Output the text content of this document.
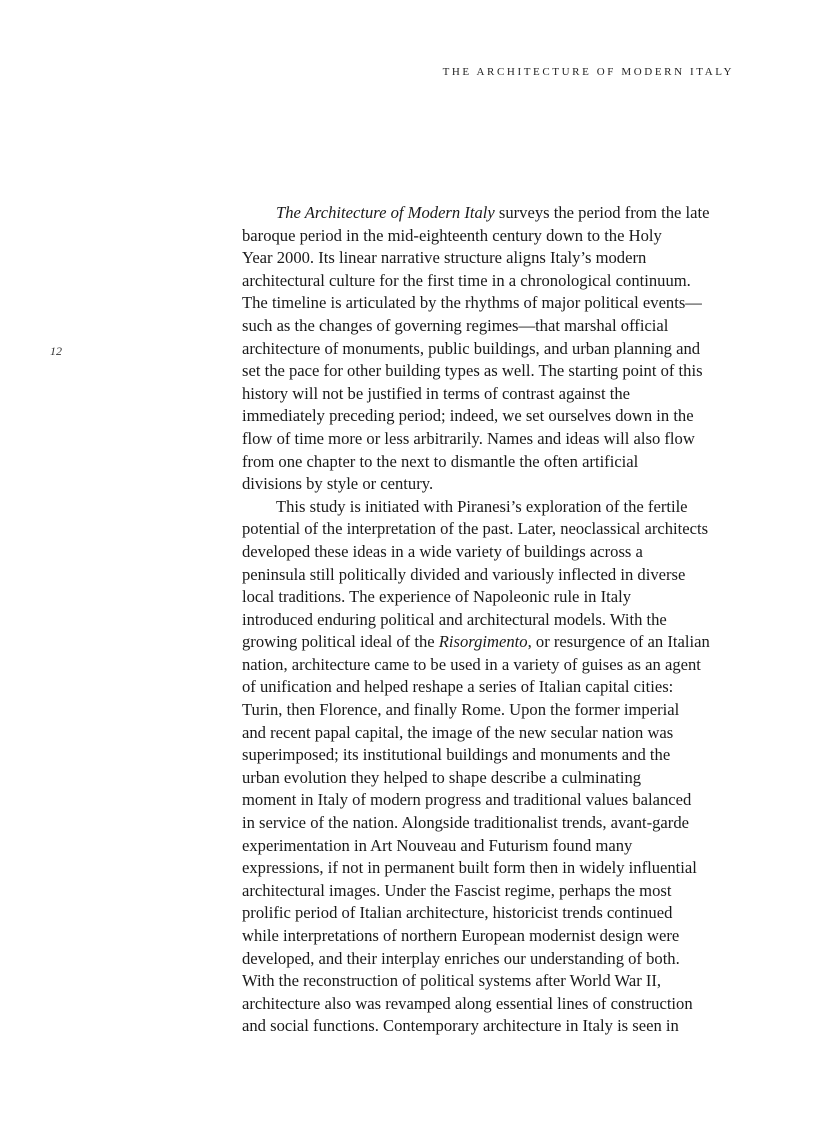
THE ARCHITECTURE OF MODERN ITALY
12
The Architecture of Modern Italy surveys the period from the late
baroque period in the mid-eighteenth century down to the Holy
Year 2000. Its linear narrative structure aligns Italy’s modern
architectural culture for the first time in a chronological continuum.
The timeline is articulated by the rhythms of major political events—
such as the changes of governing regimes—that marshal official
architecture of monuments, public buildings, and urban planning and
set the pace for other building types as well. The starting point of this
history will not be justified in terms of contrast against the
immediately preceding period; indeed, we set ourselves down in the
flow of time more or less arbitrarily. Names and ideas will also flow
from one chapter to the next to dismantle the often artificial
divisions by style or century.
This study is initiated with Piranesi’s exploration of the fertile
potential of the interpretation of the past. Later, neoclassical architects
developed these ideas in a wide variety of buildings across a
peninsula still politically divided and variously inflected in diverse
local traditions. The experience of Napoleonic rule in Italy
introduced enduring political and architectural models. With the
growing political ideal of the Risorgimento, or resurgence of an Italian
nation, architecture came to be used in a variety of guises as an agent
of unification and helped reshape a series of Italian capital cities:
Turin, then Florence, and finally Rome. Upon the former imperial
and recent papal capital, the image of the new secular nation was
superimposed; its institutional buildings and monuments and the
urban evolution they helped to shape describe a culminating
moment in Italy of modern progress and traditional values balanced
in service of the nation. Alongside traditionalist trends, avant-garde
experimentation in Art Nouveau and Futurism found many
expressions, if not in permanent built form then in widely influential
architectural images. Under the Fascist regime, perhaps the most
prolific period of Italian architecture, historicist trends continued
while interpretations of northern European modernist design were
developed, and their interplay enriches our understanding of both.
With the reconstruction of political systems after World War II,
architecture also was revamped along essential lines of construction
and social functions. Contemporary architecture in Italy is seen in
